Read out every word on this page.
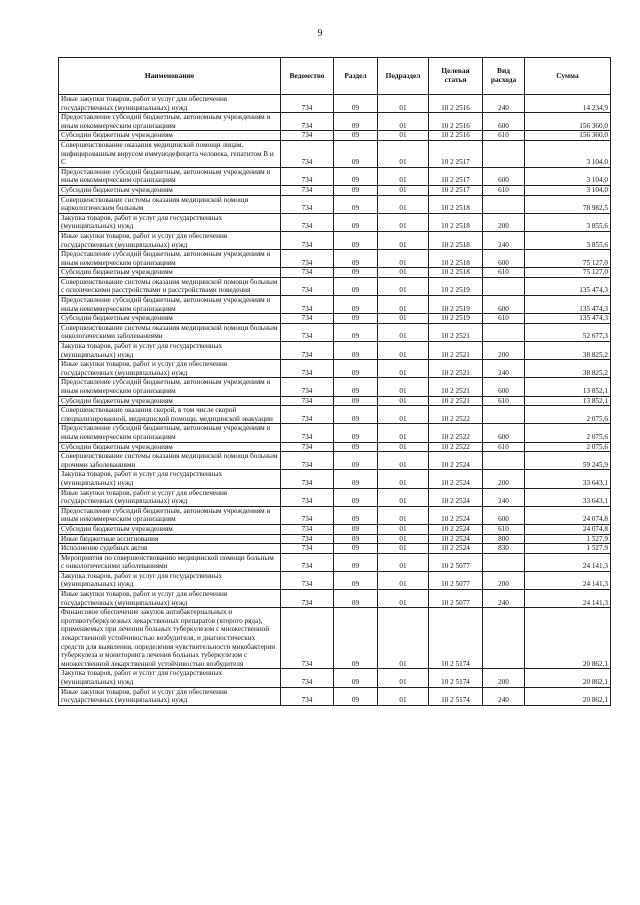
9
Наименование	Ведомство	Раздел	Подраздел	Целевая статья	Вид расхода	Сумма
Иные закупки товаров, работ и услуг для обеспечения государственных (муниципальных) нужд	734	09	01	10 2 2516	240	14 234,9
Предоставление субсидий бюджетным, автономным учреждениям и иным некоммерческим организациям	734	09	01	10 2 2516	600	156 360,0
Субсидии бюджетным учреждениям	734	09	01	10 2 2516	610	156 360,0
Совершенствование оказания медицинской помощи лицам, инфицированным вирусом иммунодефицита человека, гепатитом В и С	734	09	01	10 2 2517		3 104,0
Предоставление субсидий бюджетным, автономным учреждениям и иным некоммерческим организациям	734	09	01	10 2 2517	600	3 104,0
Субсидии бюджетным учреждениям	734	09	01	10 2 2517	610	3 104,0
Совершенствование системы оказания медицинской помощи наркологическим больным	734	09	01	10 2 2518		78 982,5
Закупка товаров, работ и услуг для государственных (муниципальных) нужд	734	09	01	10 2 2518	200	3 855,6
Иные закупки товаров, работ и услуг для обеспечения государственных (муниципальных) нужд	734	09	01	10 2 2518	240	3 855,6
Предоставление субсидий бюджетным, автономным учреждениям и иным некоммерческим организациям	734	09	01	10 2 2518	600	75 127,0
Субсидии бюджетным учреждениям	734	09	01	10 2 2518	610	75 127,0
Совершенствование системы оказания медицинской помощи больным с психическими расстройствами и расстройствами поведения	734	09	01	10 2 2519		135 474,3
Предоставление субсидий бюджетным, автономным учреждениям и иным некоммерческим организациям	734	09	01	10 2 2519	600	135 474,3
Субсидии бюджетным учреждениям	734	09	01	10 2 2519	610	135 474,3
Совершенствование системы оказания медицинской помощи больным онкологическими заболеваниями	734	09	01	10 2 2521		52 677,3
Закупка товаров, работ и услуг для государственных (муниципальных) нужд	734	09	01	10 2 2521	200	38 825,2
Иные закупки товаров, работ и услуг для обеспечения государственных (муниципальных) нужд	734	09	01	10 2 2521	240	38 825,2
Предоставление субсидий бюджетным, автономным учреждениям и иным некоммерческим организациям	734	09	01	10 2 2521	600	13 852,1
Субсидии бюджетным учреждениям	734	09	01	10 2 2521	610	13 852,1
Совершенствование оказания скорой, в том числе скорой специализированной, медицинской помощи, медицинской эвакуации	734	09	01	10 2 2522		2 075,6
Предоставление субсидий бюджетным, автономным учреждениям и иным некоммерческим организациям	734	09	01	10 2 2522	600	2 075,6
Субсидии бюджетным учреждениям	734	09	01	10 2 2522	610	2 075,6
Совершенствование системы оказания медицинской помощи больным прочими заболеваниями	734	09	01	10 2 2524		59 245,9
Закупка товаров, работ и услуг для государственных (муниципальных) нужд	734	09	01	10 2 2524	200	33 643,1
Иные закупки товаров, работ и услуг для обеспечения государственных (муниципальных) нужд	734	09	01	10 2 2524	240	33 643,1
Предоставление субсидий бюджетным, автономным учреждениям и иным некоммерческим организациям	734	09	01	10 2 2524	600	24 074,8
Субсидии бюджетным учреждениям	734	09	01	10 2 2524	610	24 074,8
Иные бюджетные ассигнования	734	09	01	10 2 2524	800	1 527,9
Исполнение судебных актов	734	09	01	10 2 2524	830	1 527,9
Мероприятия по совершенствованию медицинской помощи больным с онкологическими заболеваниями	734	09	01	10 2 5077		24 141,3
Закупка товаров, работ и услуг для государственных (муниципальных) нужд	734	09	01	10 2 5077	200	24 141,3
Иные закупки товаров, работ и услуг для обеспечения государственных (муниципальных) нужд	734	09	01	10 2 5077	240	24 141,3
Финансовое обеспечение закупок антибактериальных и противотуберкулезных лекарственных препаратов (второго ряда), применяемых при лечении больных туберкулезом с множественной лекарственной устойчивостью возбудителя, и диагностических средств для выявления, определения чувствительности микобактерии туберкулеза и мониторинга лечения больных туберкулезом с множественной лекарственной устойчивостью возбудителя	734	09	01	10 2 5174		20 862,1
Закупка товаров, работ и услуг для государственных (муниципальных) нужд	734	09	01	10 2 5174	200	20 862,1
Иные закупки товаров, работ и услуг для обеспечения государственных (муниципальных) нужд	734	09	01	10 2 5174	240	20 862,1
